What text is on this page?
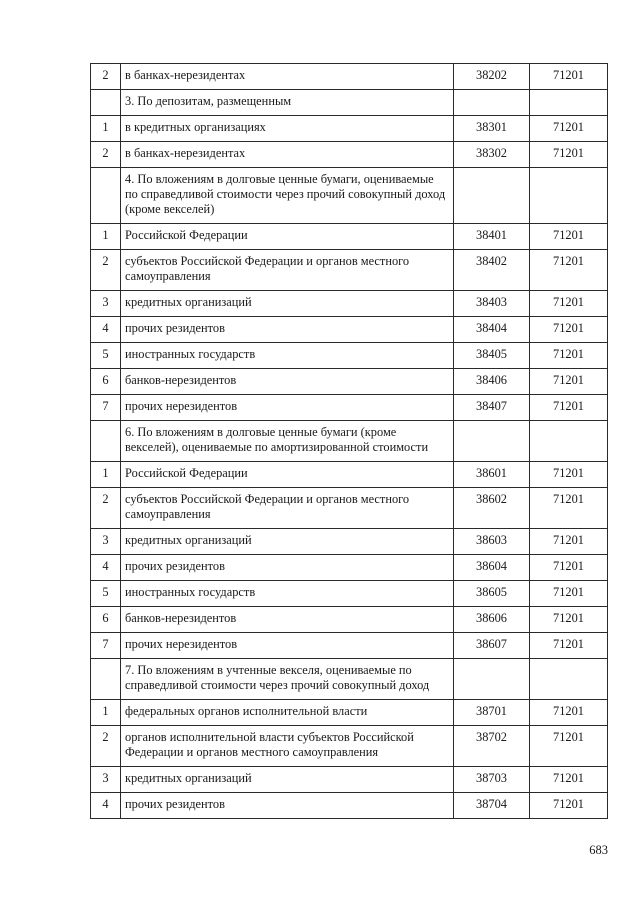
2	в банках-нерезидентах	38202	71201
	3. По депозитам, размещенным		
1	в кредитных организациях	38301	71201
2	в банках-нерезидентах	38302	71201
	4. По вложениям в долговые ценные бумаги, оцениваемые по справедливой стоимости через прочий совокупный доход (кроме векселей)		
1	Российской Федерации	38401	71201
2	субъектов Российской Федерации и органов местного самоуправления	38402	71201
3	кредитных организаций	38403	71201
4	прочих резидентов	38404	71201
5	иностранных государств	38405	71201
6	банков-нерезидентов	38406	71201
7	прочих нерезидентов	38407	71201
	6. По вложениям в долговые ценные бумаги (кроме векселей), оцениваемые по амортизированной стоимости		
1	Российской Федерации	38601	71201
2	субъектов Российской Федерации и органов местного самоуправления	38602	71201
3	кредитных организаций	38603	71201
4	прочих резидентов	38604	71201
5	иностранных государств	38605	71201
6	банков-нерезидентов	38606	71201
7	прочих нерезидентов	38607	71201
	7. По вложениям в учтенные векселя, оцениваемые по справедливой стоимости через прочий совокупный доход		
1	федеральных органов исполнительной власти	38701	71201
2	органов исполнительной власти субъектов Российской Федерации и органов местного самоуправления	38702	71201
3	кредитных организаций	38703	71201
4	прочих резидентов	38704	71201
683
